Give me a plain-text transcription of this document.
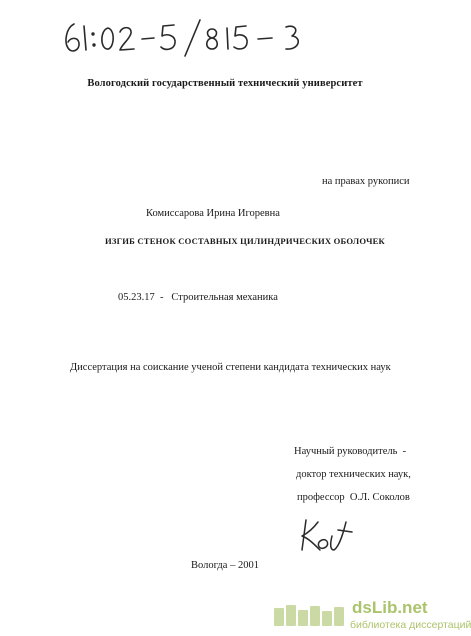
61:02-5/815-3
Вологодский государственный технический университет
на правах рукописи
Комиссарова Ирина Игоревна
ИЗГИБ СТЕНОК СОСТАВНЫХ ЦИЛИНДРИЧЕСКИХ ОБОЛОЧЕК
05.23.17  -   Строительная механика
Диссертация на соискание ученой степени кандидата технических наук
Научный руководитель  -
доктор технических наук,
профессор  О.Л. Соколов
Вологда – 2001
dsLib.net
библиотека диссертаций
